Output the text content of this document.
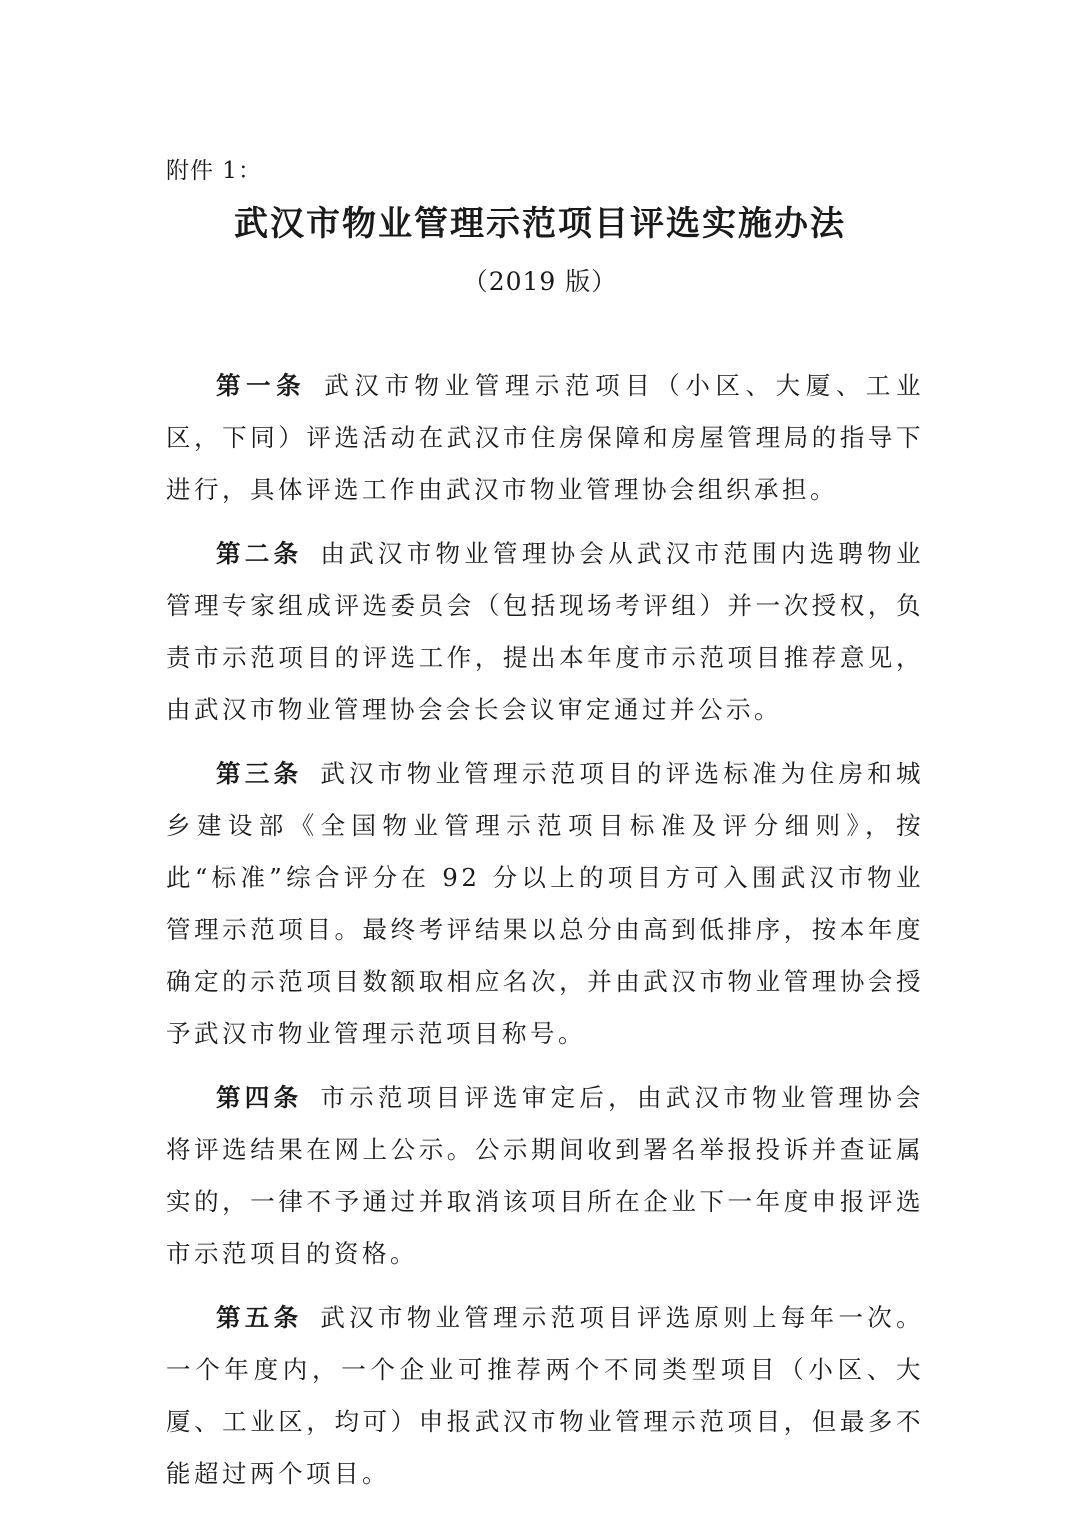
附件 1：
武汉市物业管理示范项目评选实施办法
（2019 版）

第一条 武汉市物业管理示范项目（小区、大厦、工业区，下同）评选活动在武汉市住房保障和房屋管理局的指导下进行，具体评选工作由武汉市物业管理协会组织承担。

第二条 由武汉市物业管理协会从武汉市范围内选聘物业管理专家组成评选委员会（包括现场考评组）并一次授权，负责市示范项目的评选工作，提出本年度市示范项目推荐意见，由武汉市物业管理协会会长会议审定通过并公示。

第三条 武汉市物业管理示范项目的评选标准为住房和城乡建设部《全国物业管理示范项目标准及评分细则》，按此“标准”综合评分在 92 分以上的项目方可入围武汉市物业管理示范项目。最终考评结果以总分由高到低排序，按本年度确定的示范项目数额取相应名次，并由武汉市物业管理协会授予武汉市物业管理示范项目称号。

第四条 市示范项目评选审定后，由武汉市物业管理协会将评选结果在网上公示。公示期间收到署名举报投诉并查证属实的，一律不予通过并取消该项目所在企业下一年度申报评选市示范项目的资格。

第五条 武汉市物业管理示范项目评选原则上每年一次。一个年度内，一个企业可推荐两个不同类型项目（小区、大厦、工业区，均可）申报武汉市物业管理示范项目，但最多不能超过两个项目。
